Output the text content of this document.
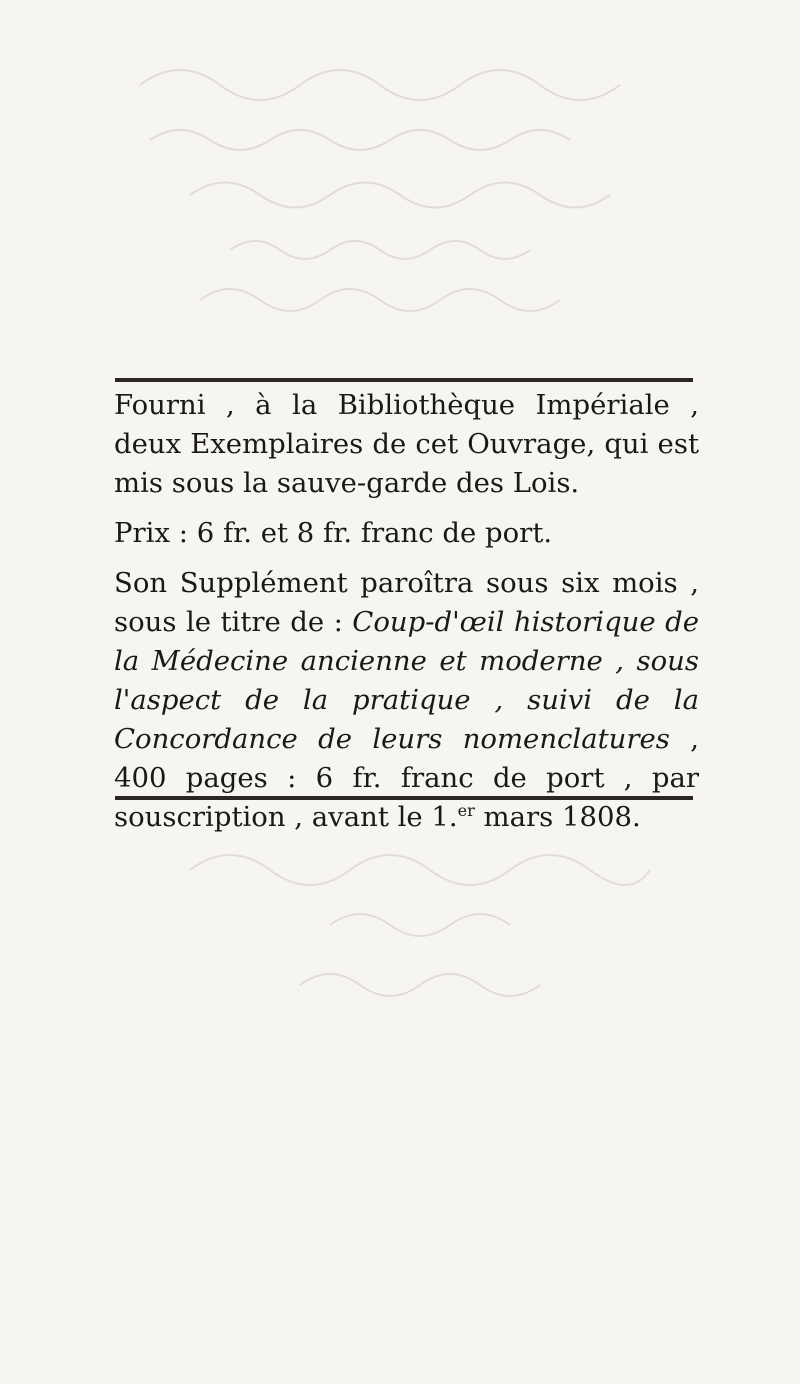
Fourni , à la Bibliothèque Impériale , deux Exemplaires de cet Ouvrage, qui est mis sous la sauve-garde des Lois.

Prix : 6 fr. et 8 fr. franc de port.

Son Supplément paroîtra sous six mois , sous le titre de : Coup-d'œil historique de la Médecine ancienne et moderne , sous l'aspect de la pratique , suivi de la Concordance de leurs nomenclatures , 400 pages : 6 fr. franc de port , par souscription , avant le 1.$^{er}$ mars 1808.
